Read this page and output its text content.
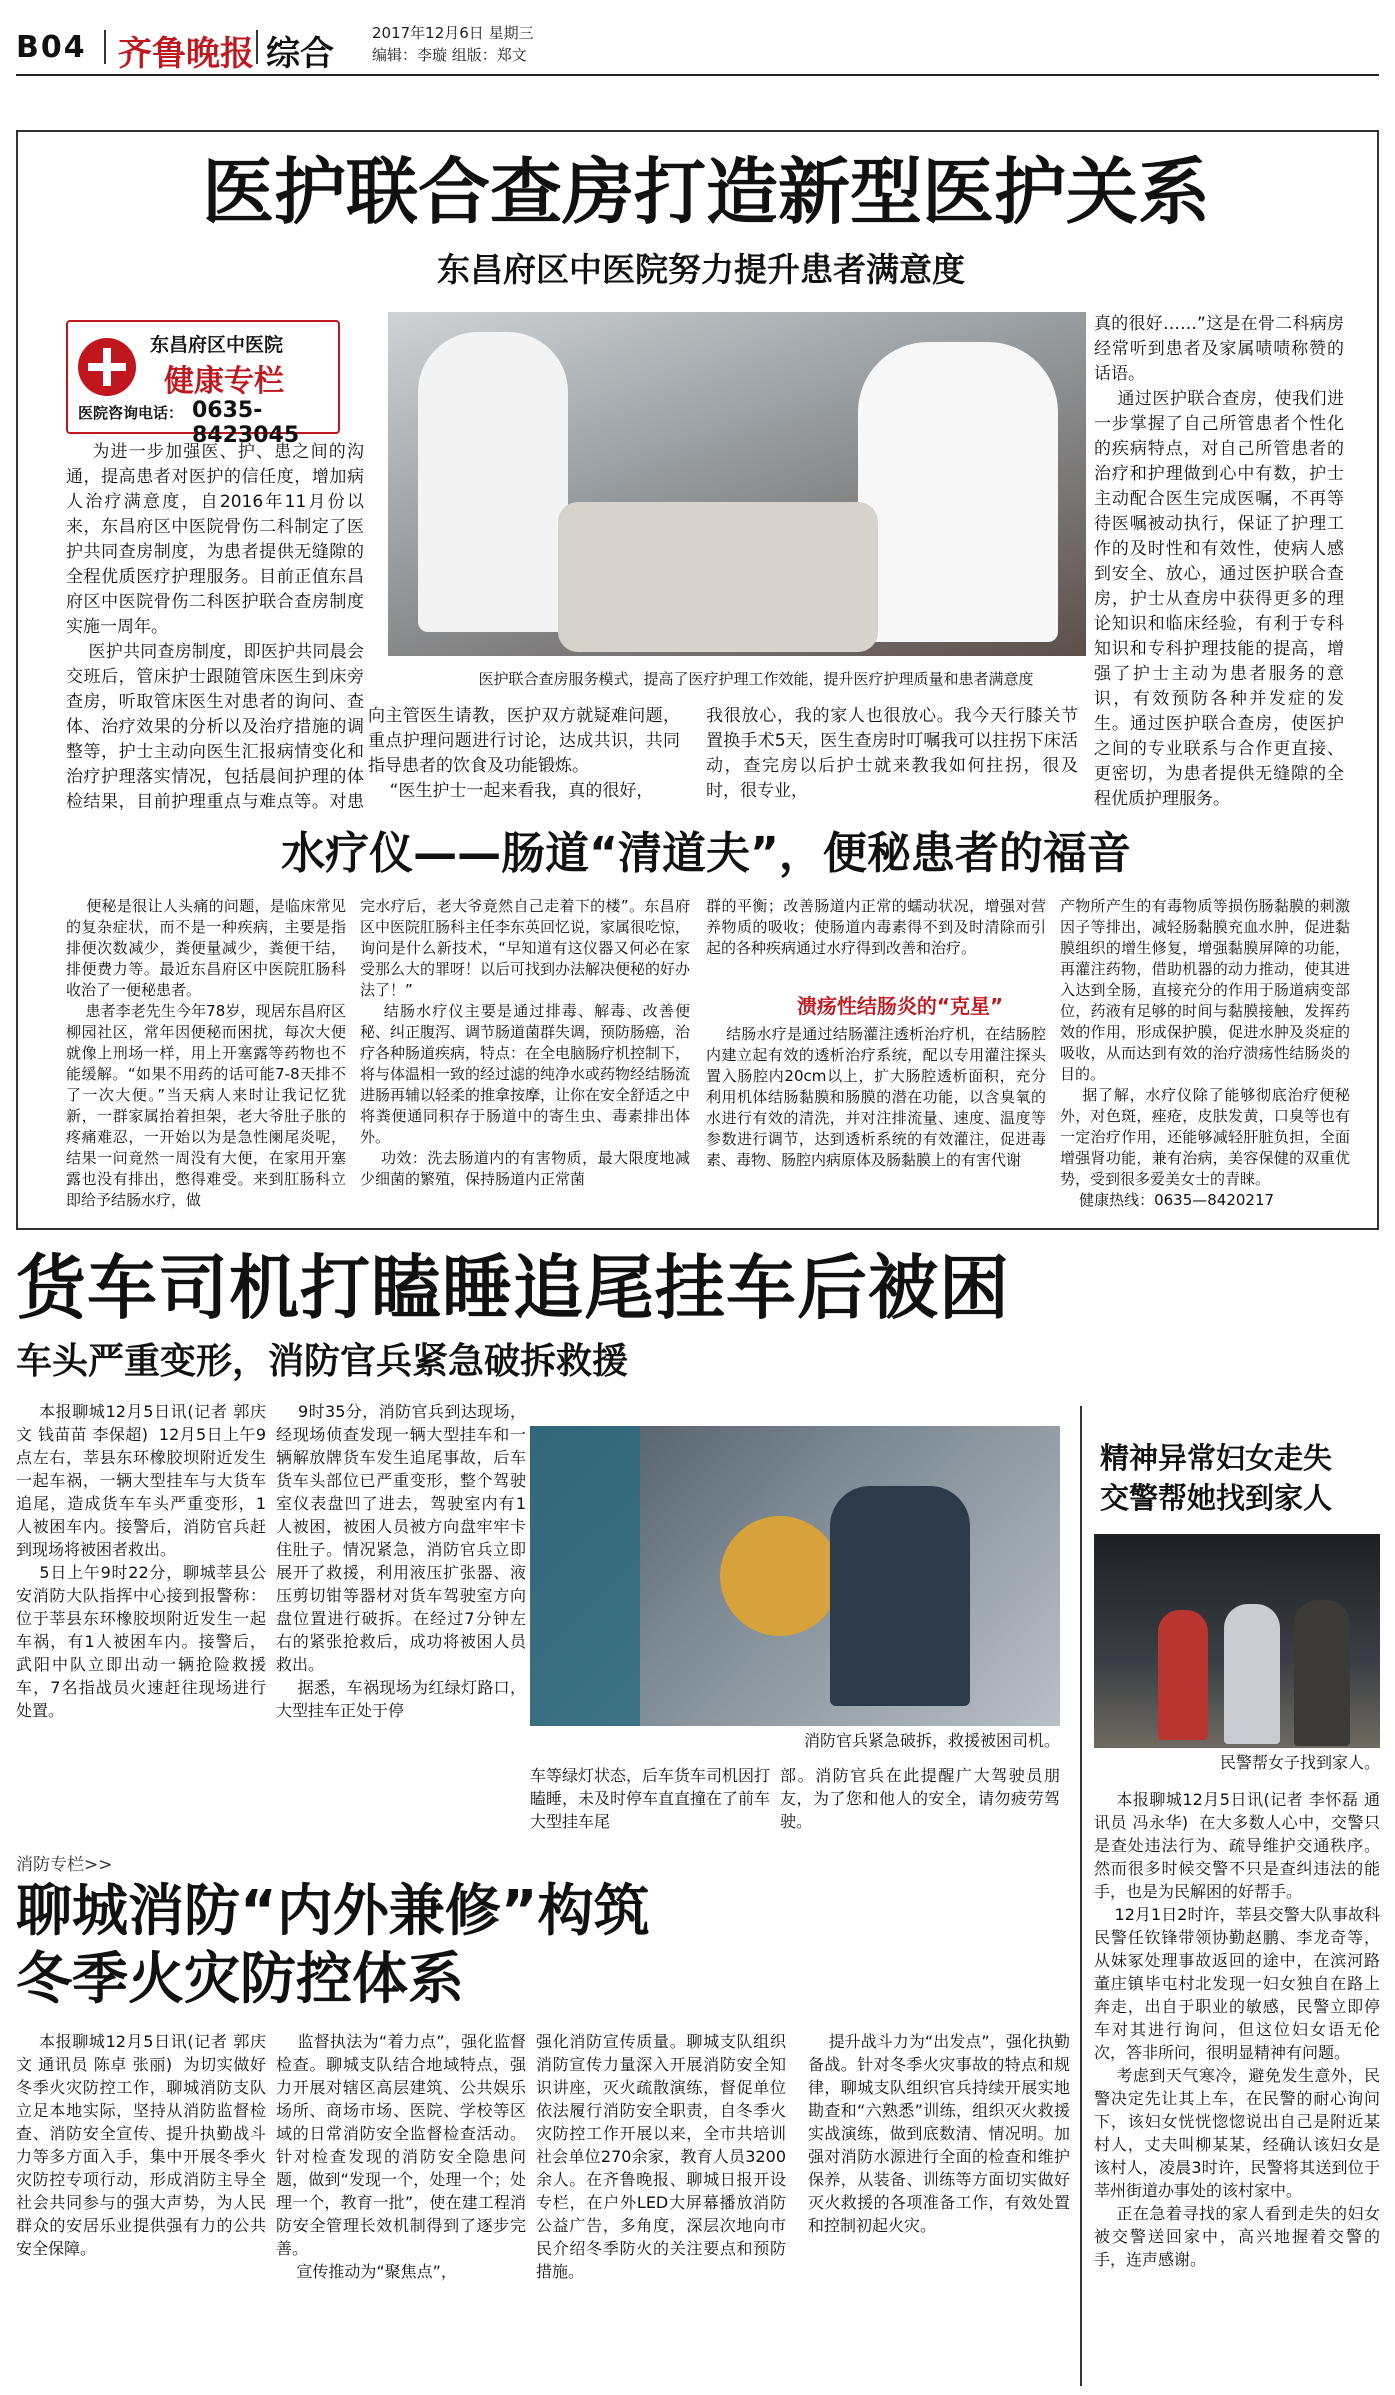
B04 齐鲁晚报 综合
2017年12月6日 星期三
编辑：李璇 组版：郑文
医护联合查房打造新型医护关系
东昌府区中医院努力提升患者满意度
东昌府区中医院
健康专栏
医院咨询电话： 0635-8423045
医护联合查房服务模式，提高了医疗护理工作效能，提升医疗护理质量和患者满意度
为进一步加强医、护、患之间的沟通，提高患者对医护的信任度，增加病人治疗满意度，自2016年11月份以来，东昌府区中医院骨伤二科制定了医护共同查房制度，为患者提供无缝隙的全程优质医疗护理服务。目前正值东昌府区中医院骨伤二科医护联合查房制度实施一周年。
医护共同查房制度，即医护共同晨会交班后，管床护士跟随管床医生到床旁查房，听取管床医生对患者的询问、查体、治疗效果的分析以及治疗措施的调整等，护士主动向医生汇报病情变化和治疗护理落实情况，包括晨间护理的体检结果，目前护理重点与难点等。对患
向主管医生请教，医护双方就疑难问题，重点护理问题进行讨论，达成共识，共同指导患者的饮食及功能锻炼。
“医生护士一起来看我，真的很好，
我很放心，我的家人也很放心。我今天行膝关节置换手术5天，医生查房时叮嘱我可以拄拐下床活动，查完房以后护士就来教我如何拄拐，很及时，很专业，
真的很好……”这是在骨二科病房经常听到患者及家属啧啧称赞的话语。
通过医护联合查房，使我们进一步掌握了自己所管患者个性化的疾病特点，对自己所管患者的治疗和护理做到心中有数，护士主动配合医生完成医嘱，不再等待医嘱被动执行，保证了护理工作的及时性和有效性，使病人感到安全、放心，通过医护联合查房，护士从查房中获得更多的理论知识和临床经验，有利于专科知识和专科护理技能的提高，增强了护士主动为患者服务的意识，有效预防各种并发症的发生。通过医护联合查房，使医护之间的专业联系与合作更直接、更密切，为患者提供无缝隙的全程优质护理服务。

水疗仪——肠道“清道夫”，便秘患者的福音
便秘是很让人头痛的问题，是临床常见的复杂症状，而不是一种疾病，主要是指排便次数减少，粪便量减少，粪便干结，排便费力等。最近东昌府区中医院肛肠科收治了一便秘患者。
患者李老先生今年78岁，现居东昌府区柳园社区，常年因便秘而困扰，每次大便就像上刑场一样，用上开塞露等药物也不能缓解。“如果不用药的话可能7-8天排不了一次大便。”当天病人来时让我记忆犹新，一群家属抬着担架，老大爷肚子胀的疼痛难忍，一开始以为是急性阑尾炎呢，结果一问竟然一周没有大便，在家用开塞露也没有排出，憋得难受。来到肛肠科立即给予结肠水疗，做
完水疗后，老大爷竟然自己走着下的楼”。东昌府区中医院肛肠科主任李东英回忆说，家属很吃惊，询问是什么新技术，“早知道有这仪器又何必在家受那么大的罪呀！以后可找到办法解决便秘的好办法了！”
结肠水疗仪主要是通过排毒、解毒、改善便秘、纠正腹泻、调节肠道菌群失调，预防肠癌，治疗各种肠道疾病，特点：在全电脑肠疗机控制下，将与体温相一致的经过滤的纯净水或药物经结肠流进肠再辅以轻柔的推拿按摩，让你在安全舒适之中将粪便通同积存于肠道中的寄生虫、毒素排出体外。
功效：洗去肠道内的有害物质，最大限度地减少细菌的繁殖，保持肠道内正常菌
群的平衡；改善肠道内正常的蠕动状况，增强对营养物质的吸收；使肠道内毒素得不到及时清除而引起的各种疾病通过水疗得到改善和治疗。
溃疡性结肠炎的“克星”
结肠水疗是通过结肠灌注透析治疗机，在结肠腔内建立起有效的透析治疗系统，配以专用灌注探头置入肠腔内20cm以上，扩大肠腔透析面积，充分利用机体结肠黏膜和肠膜的潜在功能，以含臭氧的水进行有效的清洗，并对注排流量、速度、温度等参数进行调节，达到透析系统的有效灌注，促进毒素、毒物、肠腔内病原体及肠黏膜上的有害代谢
产物所产生的有毒物质等损伤肠黏膜的刺激因子等排出，减轻肠黏膜充血水肿，促进黏膜组织的增生修复，增强黏膜屏障的功能，再灌注药物，借助机器的动力推动，使其进入达到全肠，直接充分的作用于肠道病变部位，药液有足够的时间与黏膜接触，发挥药效的作用，形成保护膜，促进水肿及炎症的吸收，从而达到有效的治疗溃疡性结肠炎的目的。
据了解，水疗仪除了能够彻底治疗便秘外，对色斑，痤疮，皮肤发黄，口臭等也有一定治疗作用，还能够减轻肝脏负担，全面增强肾功能，兼有治病，美容保健的双重优势，受到很多爱美女士的青睐。
健康热线：0635—8420217
货车司机打瞌睡追尾挂车后被困
车头严重变形，消防官兵紧急破拆救援
本报聊城12月5日讯(记者 郭庆文 钱苗苗 李保超)  12月5日上午9点左右，莘县东环橡胶坝附近发生一起车祸，一辆大型挂车与大货车追尾，造成货车车头严重变形，1人被困车内。接警后，消防官兵赶到现场将被困者救出。
5日上午9时22分，聊城莘县公安消防大队指挥中心接到报警称：位于莘县东环橡胶坝附近发生一起车祸，有1人被困车内。接警后，武阳中队立即出动一辆抢险救援车，7名指战员火速赶往现场进行处置。
9时35分，消防官兵到达现场，经现场侦查发现一辆大型挂车和一辆解放牌货车发生追尾事故，后车货车头部位已严重变形，整个驾驶室仪表盘凹了进去，驾驶室内有1人被困，被困人员被方向盘牢牢卡住肚子。情况紧急，消防官兵立即展开了救援，利用液压扩张器、液压剪切钳等器材对货车驾驶室方向盘位置进行破拆。在经过7分钟左右的紧张抢救后，成功将被困人员救出。
据悉，车祸现场为红绿灯路口，大型挂车正处于停
消防官兵紧急破拆，救援被困司机。
车等绿灯状态，后车货车司机因打瞌睡，未及时停车直直撞在了前车大型挂车尾
部。消防官兵在此提醒广大驾驶员朋友，为了您和他人的安全，请勿疲劳驾驶。
精神异常妇女走失
交警帮她找到家人
民警帮女子找到家人。
本报聊城12月5日讯(记者 李怀磊 通讯员 冯永华)  在大多数人心中，交警只是查处违法行为、疏导维护交通秩序。然而很多时候交警不只是查纠违法的能手，也是为民解困的好帮手。
12月1日2时许，莘县交警大队事故科民警任钦锋带领协勤赵鹏、李龙奇等，从妹冢处理事故返回的途中，在滨河路董庄镇毕屯村北发现一妇女独自在路上奔走，出自于职业的敏感，民警立即停车对其进行询问，但这位妇女语无伦次，答非所问，很明显精神有问题。
考虑到天气寒冷，避免发生意外，民警决定先让其上车，在民警的耐心询问下，该妇女恍恍惚惚说出自己是附近某村人，丈夫叫柳某某，经确认该妇女是该村人，凌晨3时许，民警将其送到位于莘州街道办事处的该村家中。
正在急着寻找的家人看到走失的妇女被交警送回家中，高兴地握着交警的手，连声感谢。
消防专栏>>
聊城消防“内外兼修”构筑
冬季火灾防控体系
本报聊城12月5日讯(记者 郭庆文 通讯员 陈卓 张丽)  为切实做好冬季火灾防控工作，聊城消防支队立足本地实际，坚持从消防监督检查、消防安全宣传、提升执勤战斗力等多方面入手，集中开展冬季火灾防控专项行动，形成消防主导全社会共同参与的强大声势，为人民群众的安居乐业提供强有力的公共安全保障。
监督执法为“着力点”，强化监督检查。聊城支队结合地域特点，强力开展对辖区高层建筑、公共娱乐场所、商场市场、医院、学校等区域的日常消防安全监督检查活动。针对检查发现的消防安全隐患问题，做到“发现一个，处理一个；处理一个，教育一批”，使在建工程消防安全管理长效机制得到了逐步完善。
宣传推动为“聚焦点”，
强化消防宣传质量。聊城支队组织消防宣传力量深入开展消防安全知识讲座，灭火疏散演练，督促单位依法履行消防安全职责，自冬季火灾防控工作开展以来，全市共培训社会单位270余家，教育人员3200余人。在齐鲁晚报、聊城日报开设专栏，在户外LED大屏幕播放消防公益广告，多角度，深层次地向市民介绍冬季防火的关注要点和预防措施。
提升战斗力为“出发点”，强化执勤备战。针对冬季火灾事故的特点和规律，聊城支队组织官兵持续开展实地勘查和“六熟悉”训练，组织灭火救援实战演练，做到底数清、情况明。加强对消防水源进行全面的检查和维护保养，从装备、训练等方面切实做好灭火救援的各项准备工作，有效处置和控制初起火灾。
